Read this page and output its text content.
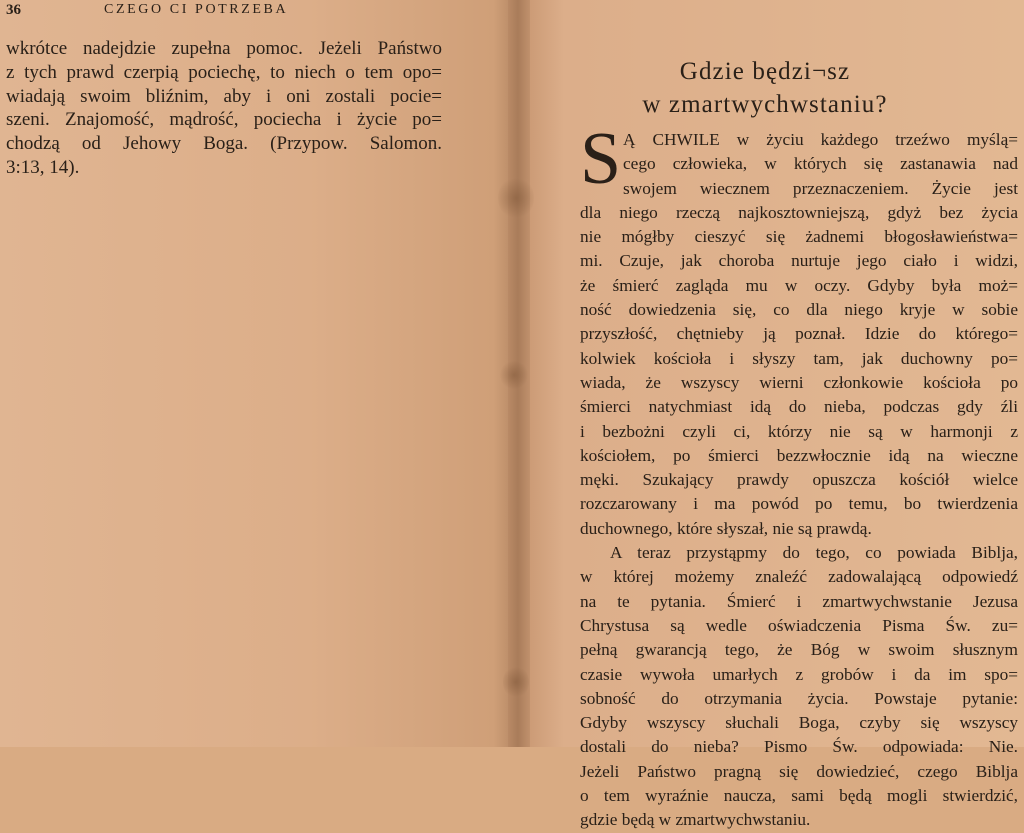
36	CZEGO CI POTRZEBA
wkrótce nadejdzie zupełna pomoc. Jeżeli Państwo
z tych prawd czerpią pociechę, to niech o tem opo=
wiadają swoim bliźnim, aby i oni zostali pocie=
szeni. Znajomość, mądrość, pociecha i życie po=
chodzą od Jehowy Boga. (Przypow. Salomon.
3:13, 14).
Gdzie będzi¬sz
w zmartwychwstaniu?
S Ą CHWILE w życiu każdego trzeźwo myślą=
cego człowieka, w których się zastanawia nad
swojem wiecznem przeznaczeniem. Życie jest
dla niego rzeczą najkosztowniejszą, gdyż bez życia
nie mógłby cieszyć się żadnemi błogosławieństwa=
mi. Czuje, jak choroba nurtuje jego ciało i widzi,
że śmierć zagląda mu w oczy. Gdyby była moż=
ność dowiedzenia się, co dla niego kryje w sobie
przyszłość, chętnieby ją poznał. Idzie do którego=
kolwiek kościoła i słyszy tam, jak duchowny po=
wiada, że wszyscy wierni członkowie kościoła po
śmierci natychmiast idą do nieba, podczas gdy źli
i bezbożni czyli ci, którzy nie są w harmonji z
kościołem, po śmierci bezzwłocznie idą na wieczne
męki. Szukający prawdy opuszcza kościół wielce
rozczarowany i ma powód po temu, bo twierdzenia
duchownego, które słyszał, nie są prawdą.
A teraz przystąpmy do tego, co powiada Biblja,
w której możemy znaleźć zadowalającą odpowiedź
na te pytania. Śmierć i zmartwychwstanie Jezusa
Chrystusa są wedle oświadczenia Pisma Św. zu=
pełną gwarancją tego, że Bóg w swoim słusznym
czasie wywoła umarłych z grobów i da im spo=
sobność do otrzymania życia. Powstaje pytanie:
Gdyby wszyscy słuchali Boga, czyby się wszyscy
dostali do nieba? Pismo Św. odpowiada: Nie.
Jeżeli Państwo pragną się dowiedzieć, czego Biblja
o tem wyraźnie naucza, sami będą mogli stwierdzić,
gdzie będą w zmartwychwstaniu.
